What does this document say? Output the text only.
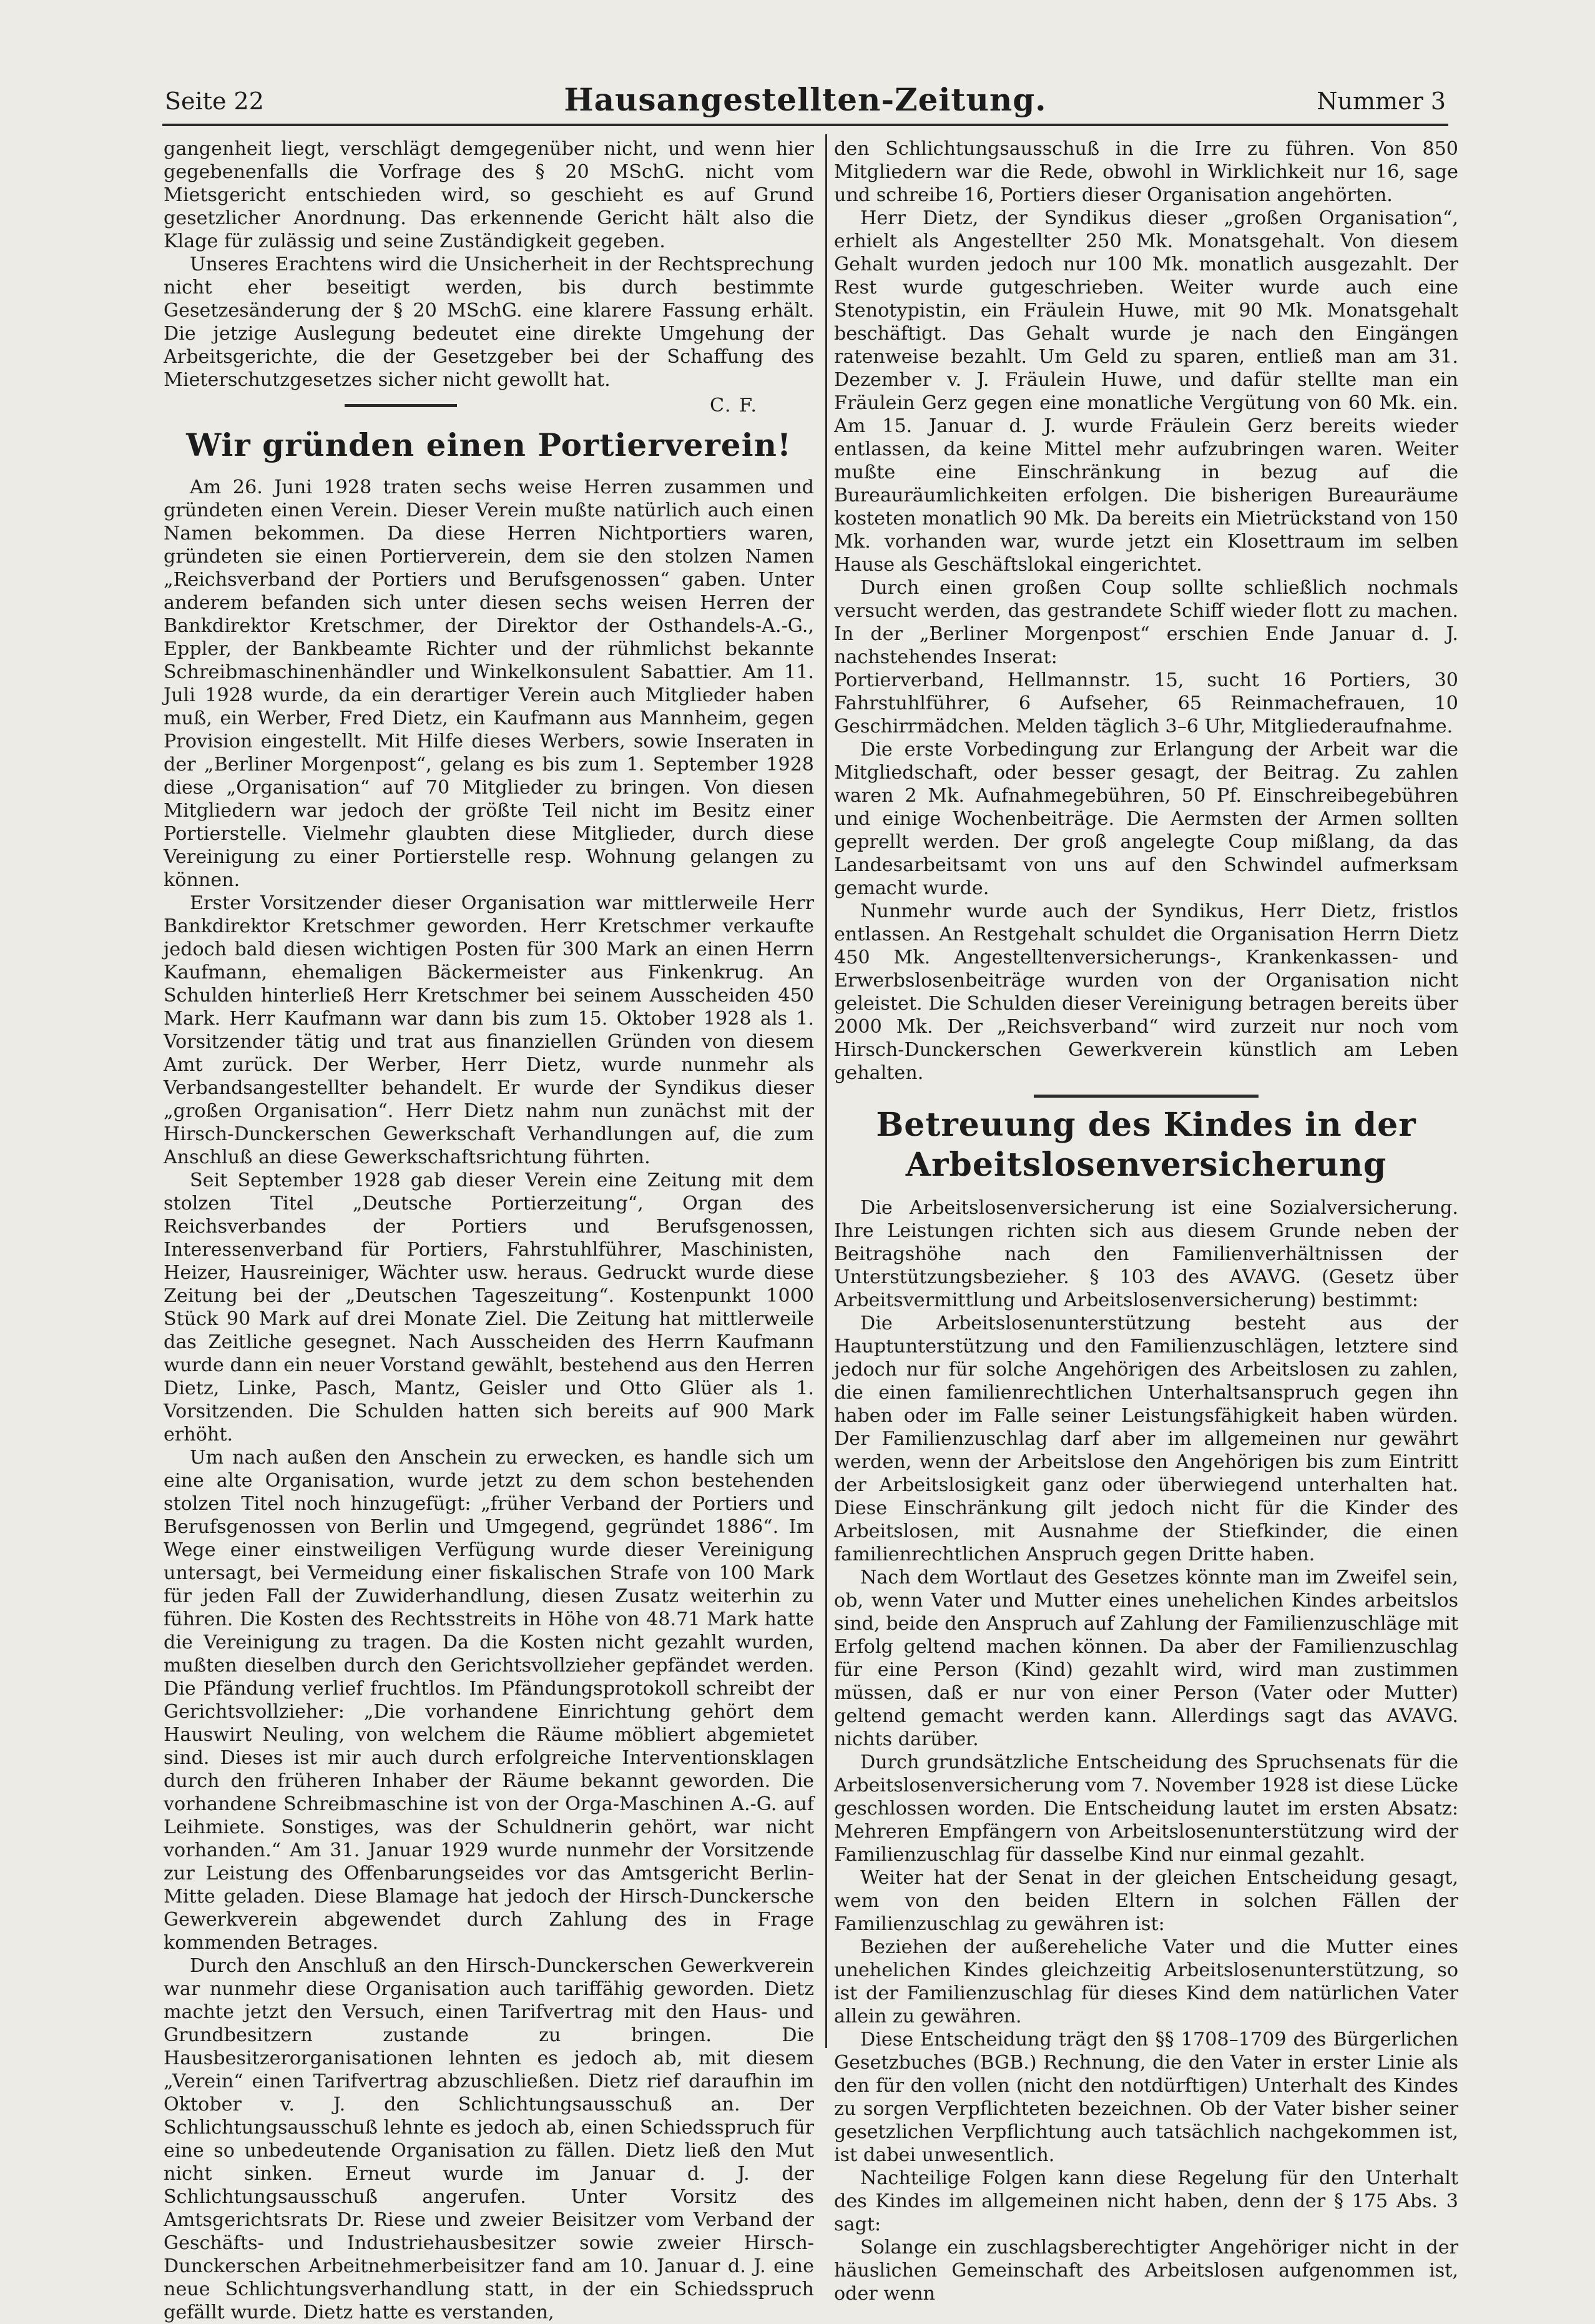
Seite 22	Hausangestellten-Zeitung.	Nummer 3

gangenheit liegt, verschlägt demgegenüber nicht, und wenn hier gegebenenfalls die Vorfrage des § 20 MSchG. nicht vom Mietsgericht entschieden wird, so geschieht es auf Grund gesetzlicher Anordnung. Das erkennende Gericht hält also die Klage für zulässig und seine Zuständigkeit gegeben.

Unseres Erachtens wird die Unsicherheit in der Rechtsprechung nicht eher beseitigt werden, bis durch bestimmte Gesetzesänderung der § 20 MSchG. eine klarere Fassung erhält. Die jetzige Auslegung bedeutet eine direkte Umgehung der Arbeitsgerichte, die der Gesetzgeber bei der Schaffung des Mieterschutzgesetzes sicher nicht gewollt hat.

C. F.
Wir gründen einen Portierverein!

Am 26. Juni 1928 traten sechs weise Herren zusammen und gründeten einen Verein. Dieser Verein mußte natürlich auch einen Namen bekommen. Da diese Herren Nichtportiers waren, gründeten sie einen Portierverein, dem sie den stolzen Namen „Reichsverband der Portiers und Berufsgenossen“ gaben. Unter anderem befanden sich unter diesen sechs weisen Herren der Bankdirektor Kretschmer, der Direktor der Osthandels-A.-G., Eppler, der Bankbeamte Richter und der rühmlichst bekannte Schreibmaschinenhändler und Winkelkonsulent Sabattier. Am 11. Juli 1928 wurde, da ein derartiger Verein auch Mitglieder haben muß, ein Werber, Fred Dietz, ein Kaufmann aus Mannheim, gegen Provision eingestellt. Mit Hilfe dieses Werbers, sowie Inseraten in der „Berliner Morgenpost“, gelang es bis zum 1. September 1928 diese „Organisation“ auf 70 Mitglieder zu bringen. Von diesen Mitgliedern war jedoch der größte Teil nicht im Besitz einer Portierstelle. Vielmehr glaubten diese Mitglieder, durch diese Vereinigung zu einer Portierstelle resp. Wohnung gelangen zu können.

Erster Vorsitzender dieser Organisation war mittlerweile Herr Bankdirektor Kretschmer geworden. Herr Kretschmer verkaufte jedoch bald diesen wichtigen Posten für 300 Mark an einen Herrn Kaufmann, ehemaligen Bäckermeister aus Finkenkrug. An Schulden hinterließ Herr Kretschmer bei seinem Ausscheiden 450 Mark. Herr Kaufmann war dann bis zum 15. Oktober 1928 als 1. Vorsitzender tätig und trat aus finanziellen Gründen von diesem Amt zurück. Der Werber, Herr Dietz, wurde nunmehr als Verbandsangestellter behandelt. Er wurde der Syndikus dieser „großen Organisation“. Herr Dietz nahm nun zunächst mit der Hirsch-Dunckerschen Gewerkschaft Verhandlungen auf, die zum Anschluß an diese Gewerkschaftsrichtung führten.

Seit September 1928 gab dieser Verein eine Zeitung mit dem stolzen Titel „Deutsche Portierzeitung“, Organ des Reichsverbandes der Portiers und Berufsgenossen, Interessenverband für Portiers, Fahrstuhlführer, Maschinisten, Heizer, Hausreiniger, Wächter usw. heraus. Gedruckt wurde diese Zeitung bei der „Deutschen Tageszeitung“. Kostenpunkt 1000 Stück 90 Mark auf drei Monate Ziel. Die Zeitung hat mittlerweile das Zeitliche gesegnet. Nach Ausscheiden des Herrn Kaufmann wurde dann ein neuer Vorstand gewählt, bestehend aus den Herren Dietz, Linke, Pasch, Mantz, Geisler und Otto Glüer als 1. Vorsitzenden. Die Schulden hatten sich bereits auf 900 Mark erhöht.

Um nach außen den Anschein zu erwecken, es handle sich um eine alte Organisation, wurde jetzt zu dem schon bestehenden stolzen Titel noch hinzugefügt: „früher Verband der Portiers und Berufsgenossen von Berlin und Umgegend, gegründet 1886“. Im Wege einer einstweiligen Verfügung wurde dieser Vereinigung untersagt, bei Vermeidung einer fiskalischen Strafe von 100 Mark für jeden Fall der Zuwiderhandlung, diesen Zusatz weiterhin zu führen. Die Kosten des Rechtsstreits in Höhe von 48.71 Mark hatte die Vereinigung zu tragen. Da die Kosten nicht gezahlt wurden, mußten dieselben durch den Gerichtsvollzieher gepfändet werden. Die Pfändung verlief fruchtlos. Im Pfändungsprotokoll schreibt der Gerichtsvollzieher: „Die vorhandene Einrichtung gehört dem Hauswirt Neuling, von welchem die Räume möbliert abgemietet sind. Dieses ist mir auch durch erfolgreiche Interventionsklagen durch den früheren Inhaber der Räume bekannt geworden. Die vorhandene Schreibmaschine ist von der Orga-Maschinen A.-G. auf Leihmiete. Sonstiges, was der Schuldnerin gehört, war nicht vorhanden.“ Am 31. Januar 1929 wurde nunmehr der Vorsitzende zur Leistung des Offenbarungseides vor das Amtsgericht Berlin-Mitte geladen. Diese Blamage hat jedoch der Hirsch-Dunckersche Gewerkverein abgewendet durch Zahlung des in Frage kommenden Betrages.

Durch den Anschluß an den Hirsch-Dunckerschen Gewerkverein war nunmehr diese Organisation auch tariffähig geworden. Dietz machte jetzt den Versuch, einen Tarifvertrag mit den Haus- und Grundbesitzern zustande zu bringen. Die Hausbesitzerorganisationen lehnten es jedoch ab, mit diesem „Verein“ einen Tarifvertrag abzuschließen. Dietz rief daraufhin im Oktober v. J. den Schlichtungsausschuß an. Der Schlichtungsausschuß lehnte es jedoch ab, einen Schiedsspruch für eine so unbedeutende Organisation zu fällen. Dietz ließ den Mut nicht sinken. Erneut wurde im Januar d. J. der Schlichtungsausschuß angerufen. Unter Vorsitz des Amtsgerichtsrats Dr. Riese und zweier Beisitzer vom Verband der Geschäfts- und Industriehausbesitzer sowie zweier Hirsch-Dunckerschen Arbeitnehmerbeisitzer fand am 10. Januar d. J. eine neue Schlichtungsverhandlung statt, in der ein Schiedsspruch gefällt wurde. Dietz hatte es verstanden,

den Schlichtungsausschuß in die Irre zu führen. Von 850 Mitgliedern war die Rede, obwohl in Wirklichkeit nur 16, sage und schreibe 16, Portiers dieser Organisation angehörten.

Herr Dietz, der Syndikus dieser „großen Organisation“, erhielt als Angestellter 250 Mk. Monatsgehalt. Von diesem Gehalt wurden jedoch nur 100 Mk. monatlich ausgezahlt. Der Rest wurde gutgeschrieben. Weiter wurde auch eine Stenotypistin, ein Fräulein Huwe, mit 90 Mk. Monatsgehalt beschäftigt. Das Gehalt wurde je nach den Eingängen ratenweise bezahlt. Um Geld zu sparen, entließ man am 31. Dezember v. J. Fräulein Huwe, und dafür stellte man ein Fräulein Gerz gegen eine monatliche Vergütung von 60 Mk. ein. Am 15. Januar d. J. wurde Fräulein Gerz bereits wieder entlassen, da keine Mittel mehr aufzubringen waren. Weiter mußte eine Einschränkung in bezug auf die Bureauräumlichkeiten erfolgen. Die bisherigen Bureauräume kosteten monatlich 90 Mk. Da bereits ein Mietrückstand von 150 Mk. vorhanden war, wurde jetzt ein Klosettraum im selben Hause als Geschäftslokal eingerichtet.

Durch einen großen Coup sollte schließlich nochmals versucht werden, das gestrandete Schiff wieder flott zu machen. In der „Berliner Morgenpost“ erschien Ende Januar d. J. nachstehendes Inserat:

Portierverband, Hellmannstr. 15, sucht 16 Portiers, 30 Fahrstuhlführer, 6 Aufseher, 65 Reinmachefrauen, 10 Geschirrmädchen. Melden täglich 3–6 Uhr, Mitgliederaufnahme.

Die erste Vorbedingung zur Erlangung der Arbeit war die Mitgliedschaft, oder besser gesagt, der Beitrag. Zu zahlen waren 2 Mk. Aufnahmegebühren, 50 Pf. Einschreibegebühren und einige Wochenbeiträge. Die Aermsten der Armen sollten geprellt werden. Der groß angelegte Coup mißlang, da das Landesarbeitsamt von uns auf den Schwindel aufmerksam gemacht wurde.

Nunmehr wurde auch der Syndikus, Herr Dietz, fristlos entlassen. An Restgehalt schuldet die Organisation Herrn Dietz 450 Mk. Angestelltenversicherungs-, Krankenkassen- und Erwerbslosenbeiträge wurden von der Organisation nicht geleistet. Die Schulden dieser Vereinigung betragen bereits über 2000 Mk. Der „Reichsverband“ wird zurzeit nur noch vom Hirsch-Dunckerschen Gewerkverein künstlich am Leben gehalten.

Betreuung des Kindes in der Arbeitslosenversicherung

Die Arbeitslosenversicherung ist eine Sozialversicherung. Ihre Leistungen richten sich aus diesem Grunde neben der Beitragshöhe nach den Familienverhältnissen der Unterstützungsbezieher. § 103 des AVAVG. (Gesetz über Arbeitsvermittlung und Arbeitslosenversicherung) bestimmt:

Die Arbeitslosenunterstützung besteht aus der Hauptunterstützung und den Familienzuschlägen, letztere sind jedoch nur für solche Angehörigen des Arbeitslosen zu zahlen, die einen familienrechtlichen Unterhaltsanspruch gegen ihn haben oder im Falle seiner Leistungsfähigkeit haben würden. Der Familienzuschlag darf aber im allgemeinen nur gewährt werden, wenn der Arbeitslose den Angehörigen bis zum Eintritt der Arbeitslosigkeit ganz oder überwiegend unterhalten hat. Diese Einschränkung gilt jedoch nicht für die Kinder des Arbeitslosen, mit Ausnahme der Stiefkinder, die einen familienrechtlichen Anspruch gegen Dritte haben.

Nach dem Wortlaut des Gesetzes könnte man im Zweifel sein, ob, wenn Vater und Mutter eines unehelichen Kindes arbeitslos sind, beide den Anspruch auf Zahlung der Familienzuschläge mit Erfolg geltend machen können. Da aber der Familienzuschlag für eine Person (Kind) gezahlt wird, wird man zustimmen müssen, daß er nur von einer Person (Vater oder Mutter) geltend gemacht werden kann. Allerdings sagt das AVAVG. nichts darüber.

Durch grundsätzliche Entscheidung des Spruchsenats für die Arbeitslosenversicherung vom 7. November 1928 ist diese Lücke geschlossen worden. Die Entscheidung lautet im ersten Absatz: Mehreren Empfängern von Arbeitslosenunterstützung wird der Familienzuschlag für dasselbe Kind nur einmal gezahlt.

Weiter hat der Senat in der gleichen Entscheidung gesagt, wem von den beiden Eltern in solchen Fällen der Familienzuschlag zu gewähren ist:

Beziehen der außereheliche Vater und die Mutter eines unehelichen Kindes gleichzeitig Arbeitslosenunterstützung, so ist der Familienzuschlag für dieses Kind dem natürlichen Vater allein zu gewähren.

Diese Entscheidung trägt den §§ 1708–1709 des Bürgerlichen Gesetzbuches (BGB.) Rechnung, die den Vater in erster Linie als den für den vollen (nicht den notdürftigen) Unterhalt des Kindes zu sorgen Verpflichteten bezeichnen. Ob der Vater bisher seiner gesetzlichen Verpflichtung auch tatsächlich nachgekommen ist, ist dabei unwesentlich.

Nachteilige Folgen kann diese Regelung für den Unterhalt des Kindes im allgemeinen nicht haben, denn der § 175 Abs. 3 sagt:

Solange ein zuschlagsberechtigter Angehöriger nicht in der häuslichen Gemeinschaft des Arbeitslosen aufgenommen ist, oder wenn
